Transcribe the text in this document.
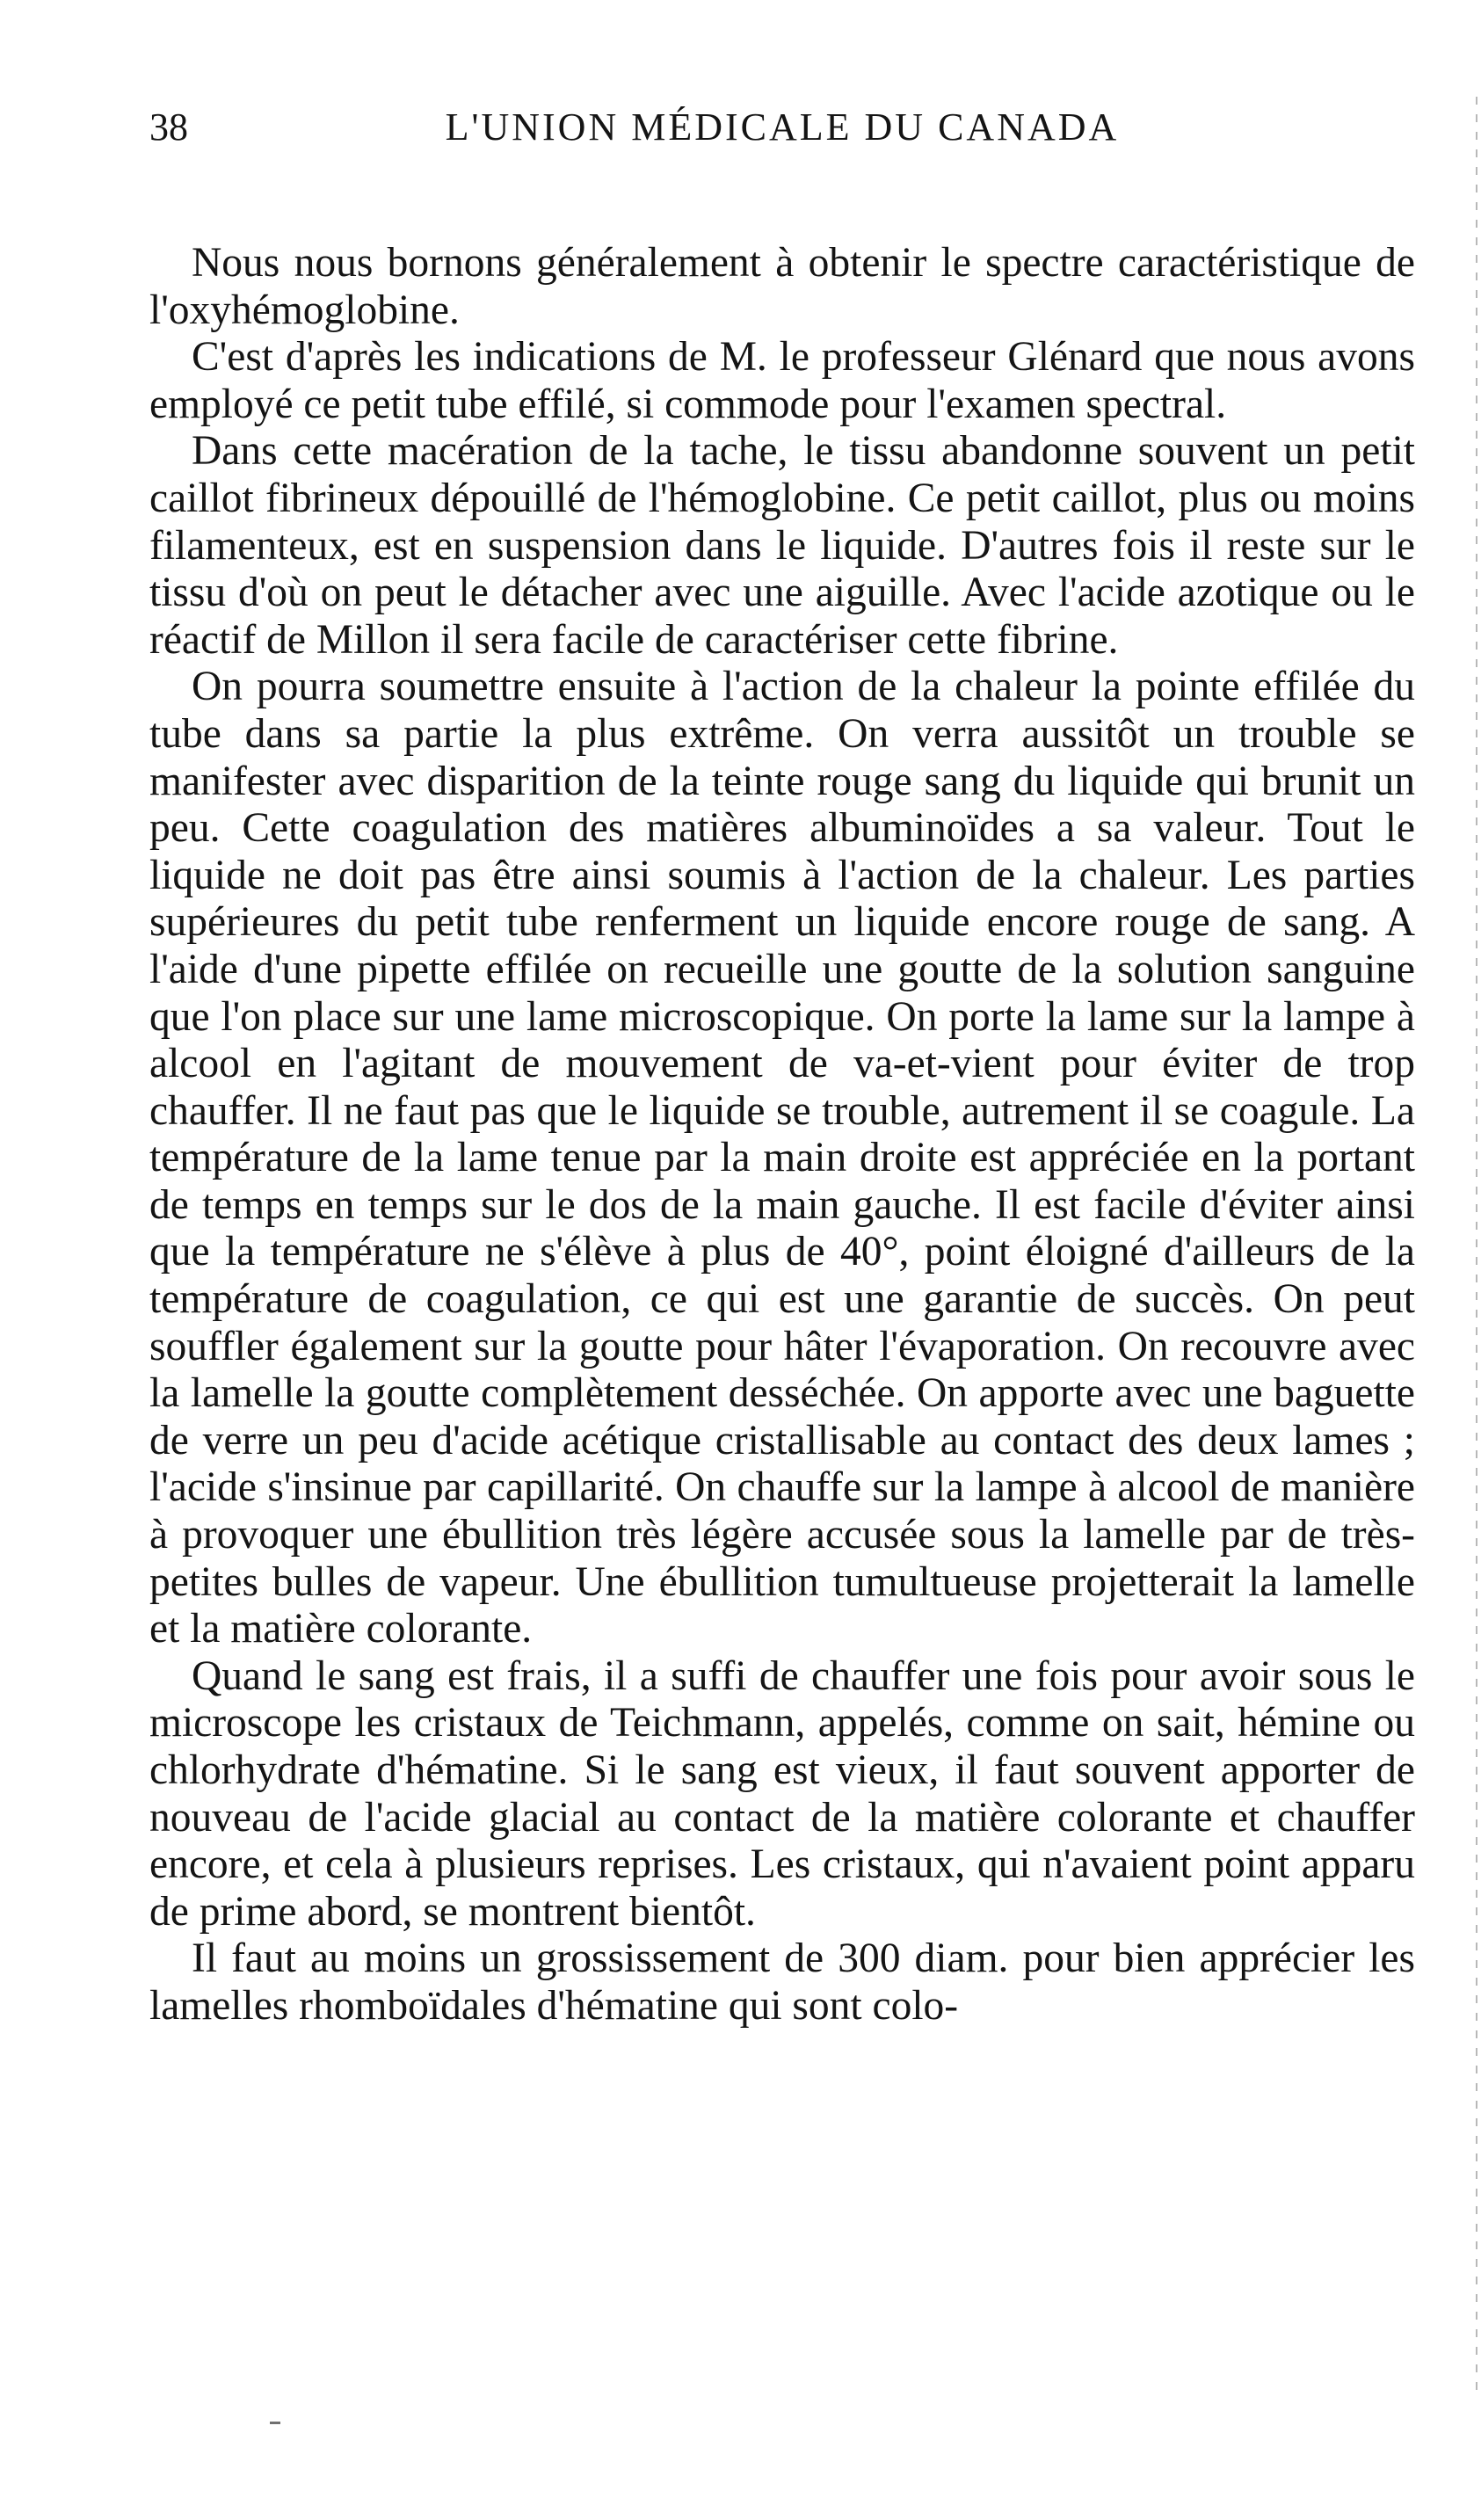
38	L'UNION MÉDICALE DU CANADA

Nous nous bornons généralement à obtenir le spectre caractéristique de l'oxyhémoglobine.

C'est d'après les indications de M. le professeur Glénard que nous avons employé ce petit tube effilé, si commode pour l'examen spectral.

Dans cette macération de la tache, le tissu abandonne souvent un petit caillot fibrineux dépouillé de l'hémoglobine. Ce petit caillot, plus ou moins filamenteux, est en suspension dans le liquide. D'autres fois il reste sur le tissu d'où on peut le détacher avec une aiguille. Avec l'acide azotique ou le réactif de Millon il sera facile de caractériser cette fibrine.

On pourra soumettre ensuite à l'action de la chaleur la pointe effilée du tube dans sa partie la plus extrême. On verra aussitôt un trouble se manifester avec disparition de la teinte rouge sang du liquide qui brunit un peu. Cette coagulation des matières albuminoïdes a sa valeur. Tout le liquide ne doit pas être ainsi soumis à l'action de la chaleur. Les parties supérieures du petit tube renferment un liquide encore rouge de sang. A l'aide d'une pipette effilée on recueille une goutte de la solution sanguine que l'on place sur une lame microscopique. On porte la lame sur la lampe à alcool en l'agitant de mouvement de va-et-vient pour éviter de trop chauffer. Il ne faut pas que le liquide se trouble, autrement il se coagule. La température de la lame tenue par la main droite est appréciée en la portant de temps en temps sur le dos de la main gauche. Il est facile d'éviter ainsi que la température ne s'élève à plus de 40°, point éloigné d'ailleurs de la température de coagulation, ce qui est une garantie de succès. On peut souffler également sur la goutte pour hâter l'évaporation. On recouvre avec la lamelle la goutte complètement desséchée. On apporte avec une baguette de verre un peu d'acide acétique cristallisable au contact des deux lames ; l'acide s'insinue par capillarité. On chauffe sur la lampe à alcool de manière à provoquer une ébullition très légère accusée sous la lamelle par de très-petites bulles de vapeur. Une ébullition tumultueuse projetterait la lamelle et la matière colorante.

Quand le sang est frais, il a suffi de chauffer une fois pour avoir sous le microscope les cristaux de Teichmann, appelés, comme on sait, hémine ou chlorhydrate d'hématine. Si le sang est vieux, il faut souvent apporter de nouveau de l'acide glacial au contact de la matière colorante et chauffer encore, et cela à plusieurs reprises. Les cristaux, qui n'avaient point apparu de prime abord, se montrent bientôt.

Il faut au moins un grossissement de 300 diam. pour bien apprécier les lamelles rhomboïdales d'hématine qui sont colo-
